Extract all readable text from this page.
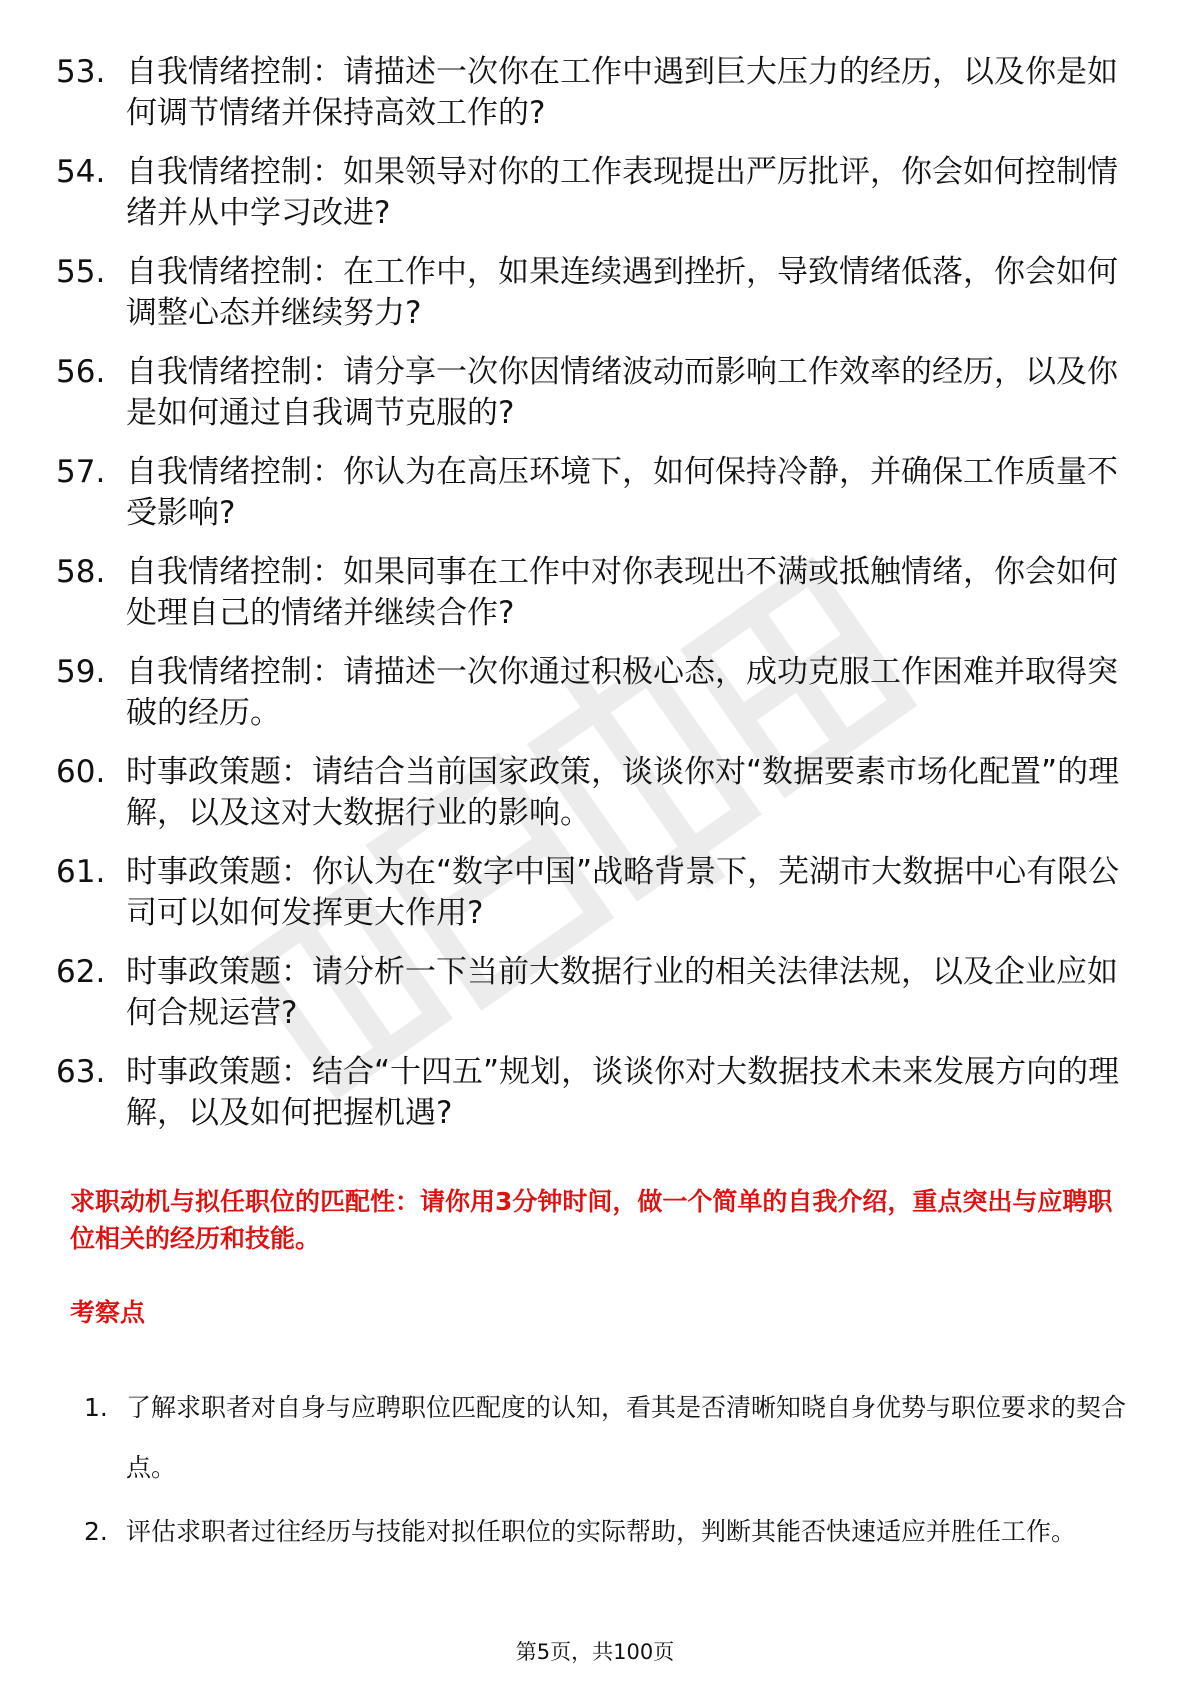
53. 自我情绪控制：请描述一次你在工作中遇到巨大压力的经历，以及你是如何调节情绪并保持高效工作的?
54. 自我情绪控制：如果领导对你的工作表现提出严厉批评，你会如何控制情绪并从中学习改进?
55. 自我情绪控制：在工作中，如果连续遇到挫折，导致情绪低落，你会如何调整心态并继续努力?
56. 自我情绪控制：请分享一次你因情绪波动而影响工作效率的经历，以及你是如何通过自我调节克服的?
57. 自我情绪控制：你认为在高压环境下，如何保持冷静，并确保工作质量不受影响?
58. 自我情绪控制：如果同事在工作中对你表现出不满或抵触情绪，你会如何处理自己的情绪并继续合作?
59. 自我情绪控制：请描述一次你通过积极心态，成功克服工作困难并取得突破的经历。
60. 时事政策题：请结合当前国家政策，谈谈你对“数据要素市场化配置”的理解，以及这对大数据行业的影响。
61. 时事政策题：你认为在“数字中国”战略背景下，芜湖市大数据中心有限公司可以如何发挥更大作用?
62. 时事政策题：请分析一下当前大数据行业的相关法律法规，以及企业应如何合规运营?
63. 时事政策题：结合“十四五”规划，谈谈你对大数据技术未来发展方向的理解，以及如何把握机遇?
求职动机与拟任职位的匹配性：请你用3分钟时间，做一个简单的自我介绍，重点突出与应聘职位相关的经历和技能。
考察点
1. 了解求职者对自身与应聘职位匹配度的认知，看其是否清晰知晓自身优势与职位要求的契合点。
2. 评估求职者过往经历与技能对拟任职位的实际帮助，判断其能否快速适应并胜任工作。
第5页，共100页
